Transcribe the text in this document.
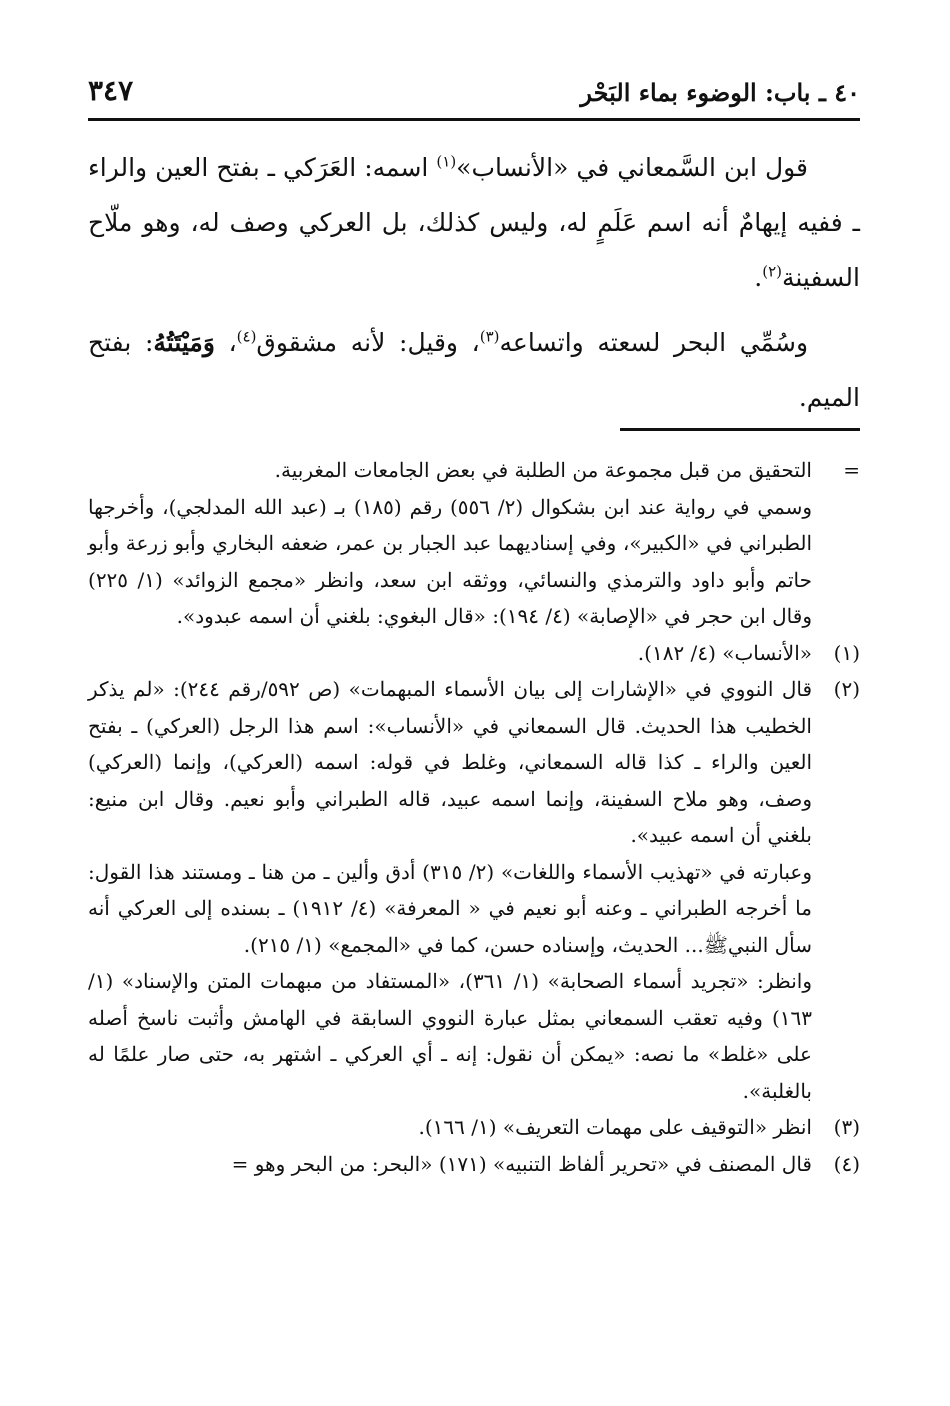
٤٠ ـ باب: الوضوء بماء البَحْر
٣٤٧

قول ابن السَّمعاني في «الأنساب»$^{(١)}$ اسمه: العَرَكي ـ بفتح العين والراء ـ ففيه إيهامٌ أنه اسم عَلَمٍ له، وليس كذلك، بل العركي وصف له، وهو ملّاح السفينة$^{(٢)}$.

وسُمِّي البحر لسعته واتساعه$^{(٣)}$، وقيل: لأنه مشقوق$^{(٤)}$، وَمَيْتَتُهُ: بفتح الميم.

=

التحقيق من قبل مجموعة من الطلبة في بعض الجامعات المغربية.

وسمي في رواية عند ابن بشكوال (٢/ ٥٥٦) رقم (١٨٥) بـ (عبد الله المدلجي)، وأخرجها الطبراني في «الكبير»، وفي إسناديهما عبد الجبار بن عمر، ضعفه البخاري وأبو زرعة وأبو حاتم وأبو داود والترمذي والنسائي، ووثقه ابن سعد، وانظر «مجمع الزوائد» (١/ ٢٢٥) وقال ابن حجر في «الإصابة» (٤/ ١٩٤): «قال البغوي: بلغني أن اسمه عبدود».

(١)

«الأنساب» (٤/ ١٨٢).

(٢)

قال النووي في «الإشارات إلى بيان الأسماء المبهمات» (ص ٥٩٢/رقم ٢٤٤): «لم يذكر الخطيب هذا الحديث. قال السمعاني في «الأنساب»: اسم هذا الرجل (العركي) ـ بفتح العين والراء ـ كذا قاله السمعاني، وغلط في قوله: اسمه (العركي)، وإنما (العركي) وصف، وهو ملاح السفينة، وإنما اسمه عبيد، قاله الطبراني وأبو نعيم. وقال ابن منيع: بلغني أن اسمه عبيد».

وعبارته في «تهذيب الأسماء واللغات» (٢/ ٣١٥) أدق وألين ـ من هنا ـ ومستند هذا القول: ما أخرجه الطبراني ـ وعنه أبو نعيم في « المعرفة» (٤/ ١٩١٢) ـ بسنده إلى العركي أنه سأل النبيﷺ... الحديث، وإسناده حسن، كما في «المجمع» (١/ ٢١٥).

وانظر: «تجريد أسماء الصحابة» (١/ ٣٦١)، «المستفاد من مبهمات المتن والإسناد» (١/ ١٦٣) وفيه تعقب السمعاني بمثل عبارة النووي السابقة في الهامش وأثبت ناسخ أصله على «غلط» ما نصه: «يمكن أن نقول: إنه ـ أي العركي ـ اشتهر به، حتى صار علمًا له بالغلبة».

(٣)

انظر «التوقيف على مهمات التعريف» (١/ ١٦٦).

(٤)

قال المصنف في «تحرير ألفاظ التنبيه» (١٧١) «البحر: من البحر وهو =
